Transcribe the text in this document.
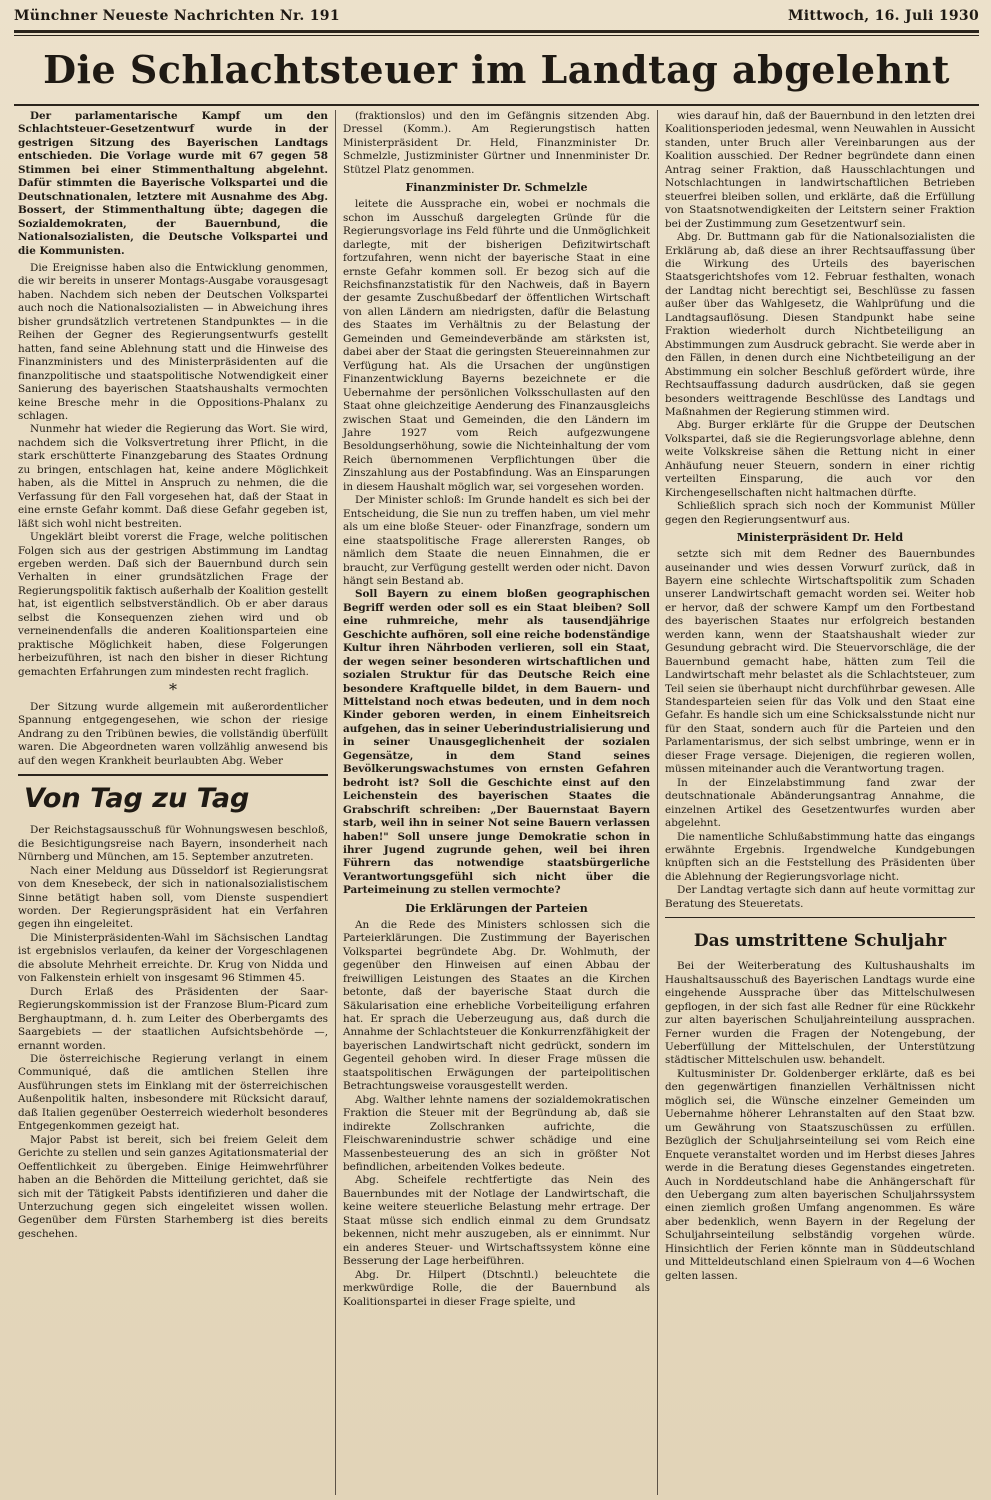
Münchner Neueste Nachrichten Nr. 191	Mittwoch, 16. Juli 1930
Die Schlachtsteuer im Landtag abgelehnt

Der parlamentarische Kampf um den Schlachtsteuer-Gesetzentwurf wurde in der gestrigen Sitzung des Bayerischen Landtags entschieden. Die Vorlage wurde mit 67 gegen 58 Stimmen bei einer Stimmenthaltung abgelehnt. Dafür stimmten die Bayerische Volkspartei und die Deutschnationalen, letztere mit Ausnahme des Abg. Bossert, der Stimmenthaltung übte; dagegen die Sozialdemokraten, der Bauernbund, die Nationalsozialisten, die Deutsche Volkspartei und die Kommunisten.

Die Ereignisse haben also die Entwicklung genommen, die wir bereits in unserer Montags-Ausgabe vorausgesagt haben. Nachdem sich neben der Deutschen Volkspartei auch noch die Nationalsozialisten — in Abweichung ihres bisher grundsätzlich vertretenen Standpunktes — in die Reihen der Gegner des Regierungsentwurfs gestellt hatten, fand seine Ablehnung statt und die Hinweise des Finanzministers und des Ministerpräsidenten auf die finanzpolitische und staatspolitische Notwendigkeit einer Sanierung des bayerischen Staatshaushalts vermochten keine Bresche mehr in die Oppositions-Phalanx zu schlagen.

Nunmehr hat wieder die Regierung das Wort. Sie wird, nachdem sich die Volksvertretung ihrer Pflicht, in die stark erschütterte Finanzgebarung des Staates Ordnung zu bringen, entschlagen hat, keine andere Möglichkeit haben, als die Mittel in Anspruch zu nehmen, die die Verfassung für den Fall vorgesehen hat, daß der Staat in eine ernste Gefahr kommt. Daß diese Gefahr gegeben ist, läßt sich wohl nicht bestreiten.

Ungeklärt bleibt vorerst die Frage, welche politischen Folgen sich aus der gestrigen Abstimmung im Landtag ergeben werden. Daß sich der Bauernbund durch sein Verhalten in einer grundsätzlichen Frage der Regierungspolitik faktisch außerhalb der Koalition gestellt hat, ist eigentlich selbstverständlich. Ob er aber daraus selbst die Konsequenzen ziehen wird und ob verneinendenfalls die anderen Koalitionsparteien eine praktische Möglichkeit haben, diese Folgerungen herbeizuführen, ist nach den bisher in dieser Richtung gemachten Erfahrungen zum mindesten recht fraglich.

*

Der Sitzung wurde allgemein mit außerordentlicher Spannung entgegengesehen, wie schon der riesige Andrang zu den Tribünen bewies, die vollständig überfüllt waren. Die Abgeordneten waren vollzählig anwesend bis auf den wegen Krankheit beurlaubten Abg. Weber

Von Tag zu Tag

Der Reichstagsausschuß für Wohnungswesen beschloß, die Besichtigungsreise nach Bayern, insonderheit nach Nürnberg und München, am 15. September anzutreten.

Nach einer Meldung aus Düsseldorf ist Regierungsrat von dem Knesebeck, der sich in nationalsozialistischem Sinne betätigt haben soll, vom Dienste suspendiert worden. Der Regierungspräsident hat ein Verfahren gegen ihn eingeleitet.

Die Ministerpräsidenten-Wahl im Sächsischen Landtag ist ergebnislos verlaufen, da keiner der Vorgeschlagenen die absolute Mehrheit erreichte. Dr. Krug von Nidda und von Falkenstein erhielt von insgesamt 96 Stimmen 45.

Durch Erlaß des Präsidenten der Saar-Regierungskommission ist der Franzose Blum-Picard zum Berghauptmann, d. h. zum Leiter des Oberbergamts des Saargebiets — der staatlichen Aufsichtsbehörde —, ernannt worden.

Die österreichische Regierung verlangt in einem Communiqué, daß die amtlichen Stellen ihre Ausführungen stets im Einklang mit der österreichischen Außenpolitik halten, insbesondere mit Rücksicht darauf, daß Italien gegenüber Oesterreich wiederholt besonderes Entgegenkommen gezeigt hat.

Major Pabst ist bereit, sich bei freiem Geleit dem Gerichte zu stellen und sein ganzes Agitationsmaterial der Oeffentlichkeit zu übergeben. Einige Heimwehrführer haben an die Behörden die Mitteilung gerichtet, daß sie sich mit der Tätigkeit Pabsts identifizieren und daher die Unterzuchung gegen sich eingeleitet wissen wollen. Gegenüber dem Fürsten Starhemberg ist dies bereits geschehen.

(fraktionslos) und den im Gefängnis sitzenden Abg. Dressel (Komm.). Am Regierungstisch hatten Ministerpräsident Dr. Held, Finanzminister Dr. Schmelzle, Justizminister Gürtner und Innenminister Dr. Stützel Platz genommen.

Finanzminister Dr. Schmelzle

leitete die Aussprache ein, wobei er nochmals die schon im Ausschuß dargelegten Gründe für die Regierungsvorlage ins Feld führte und die Unmöglichkeit darlegte, mit der bisherigen Defizitwirtschaft fortzufahren, wenn nicht der bayerische Staat in eine ernste Gefahr kommen soll. Er bezog sich auf die Reichsfinanzstatistik für den Nachweis, daß in Bayern der gesamte Zuschußbedarf der öffentlichen Wirtschaft von allen Ländern am niedrigsten, dafür die Belastung des Staates im Verhältnis zu der Belastung der Gemeinden und Gemeindeverbände am stärksten ist, dabei aber der Staat die geringsten Steuereinnahmen zur Verfügung hat. Als die Ursachen der ungünstigen Finanzentwicklung Bayerns bezeichnete er die Uebernahme der persönlichen Volksschullasten auf den Staat ohne gleichzeitige Aenderung des Finanzausgleichs zwischen Staat und Gemeinden, die den Ländern im Jahre 1927 vom Reich aufgezwungene Besoldungserhöhung, sowie die Nichteinhaltung der vom Reich übernommenen Verpflichtungen über die Zinszahlung aus der Postabfindung. Was an Einsparungen in diesem Haushalt möglich war, sei vorgesehen worden.

Der Minister schloß: Im Grunde handelt es sich bei der Entscheidung, die Sie nun zu treffen haben, um viel mehr als um eine bloße Steuer- oder Finanzfrage, sondern um eine staatspolitische Frage allerersten Ranges, ob nämlich dem Staate die neuen Einnahmen, die er braucht, zur Verfügung gestellt werden oder nicht. Davon hängt sein Bestand ab.

Soll Bayern zu einem bloßen geographischen Begriff werden oder soll es ein Staat bleiben? Soll eine ruhmreiche, mehr als tausendjährige Geschichte aufhören, soll eine reiche bodenständige Kultur ihren Nährboden verlieren, soll ein Staat, der wegen seiner besonderen wirtschaftlichen und sozialen Struktur für das Deutsche Reich eine besondere Kraftquelle bildet, in dem Bauern- und Mittelstand noch etwas bedeuten, und in dem noch Kinder geboren werden, in einem Einheitsreich aufgehen, das in seiner Ueberindustrialisierung und in seiner Unausgeglichenheit der sozialen Gegensätze, in dem Stand seines Bevölkerungswachstumes von ernsten Gefahren bedroht ist? Soll die Geschichte einst auf den Leichenstein des bayerischen Staates die Grabschrift schreiben: „Der Bauernstaat Bayern starb, weil ihn in seiner Not seine Bauern verlassen haben!" Soll unsere junge Demokratie schon in ihrer Jugend zugrunde gehen, weil bei ihren Führern das notwendige staatsbürgerliche Verantwortungsgefühl sich nicht über die Parteimeinung zu stellen vermochte?

Die Erklärungen der Parteien

An die Rede des Ministers schlossen sich die Parteierklärungen. Die Zustimmung der Bayerischen Volkspartei begründete Abg. Dr. Wohlmuth, der gegenüber den Hinweisen auf einen Abbau der freiwilligen Leistungen des Staates an die Kirchen betonte, daß der bayerische Staat durch die Säkularisation eine erhebliche Vorbeiteiligung erfahren hat. Er sprach die Ueberzeugung aus, daß durch die Annahme der Schlachtsteuer die Konkurrenzfähigkeit der bayerischen Landwirtschaft nicht gedrückt, sondern im Gegenteil gehoben wird. In dieser Frage müssen die staatspolitischen Erwägungen der parteipolitischen Betrachtungsweise vorausgestellt werden.

Abg. Walther lehnte namens der sozialdemokratischen Fraktion die Steuer mit der Begründung ab, daß sie indirekte Zollschranken aufrichte, die Fleischwarenindustrie schwer schädige und eine Massenbesteuerung des an sich in größter Not befindlichen, arbeitenden Volkes bedeute.

Abg. Scheifele rechtfertigte das Nein des Bauernbundes mit der Notlage der Landwirtschaft, die keine weitere steuerliche Belastung mehr ertrage. Der Staat müsse sich endlich einmal zu dem Grundsatz bekennen, nicht mehr auszugeben, als er einnimmt. Nur ein anderes Steuer- und Wirtschaftssystem könne eine Besserung der Lage herbeiführen.

Abg. Dr. Hilpert (Dtschntl.) beleuchtete die merkwürdige Rolle, die der Bauernbund als Koalitionspartei in dieser Frage spielte, und

wies darauf hin, daß der Bauernbund in den letzten drei Koalitionsperioden jedesmal, wenn Neuwahlen in Aussicht standen, unter Bruch aller Vereinbarungen aus der Koalition ausschied. Der Redner begründete dann einen Antrag seiner Fraktion, daß Hausschlachtungen und Notschlachtungen in landwirtschaftlichen Betrieben steuerfrei bleiben sollen, und erklärte, daß die Erfüllung von Staatsnotwendigkeiten der Leitstern seiner Fraktion bei der Zustimmung zum Gesetzentwurf sein.

Abg. Dr. Buttmann gab für die Nationalsozialisten die Erklärung ab, daß diese an ihrer Rechtsauffassung über die Wirkung des Urteils des bayerischen Staatsgerichtshofes vom 12. Februar festhalten, wonach der Landtag nicht berechtigt sei, Beschlüsse zu fassen außer über das Wahlgesetz, die Wahlprüfung und die Landtagsauflösung. Diesen Standpunkt habe seine Fraktion wiederholt durch Nichtbeteiligung an Abstimmungen zum Ausdruck gebracht. Sie werde aber in den Fällen, in denen durch eine Nichtbeteiligung an der Abstimmung ein solcher Beschluß gefördert würde, ihre Rechtsauffassung dadurch ausdrücken, daß sie gegen besonders weittragende Beschlüsse des Landtags und Maßnahmen der Regierung stimmen wird.

Abg. Burger erklärte für die Gruppe der Deutschen Volkspartei, daß sie die Regierungsvorlage ablehne, denn weite Volkskreise sähen die Rettung nicht in einer Anhäufung neuer Steuern, sondern in einer richtig verteilten Einsparung, die auch vor den Kirchengesellschaften nicht haltmachen dürfte.

Schließlich sprach sich noch der Kommunist Müller gegen den Regierungsentwurf aus.

Ministerpräsident Dr. Held

setzte sich mit dem Redner des Bauernbundes auseinander und wies dessen Vorwurf zurück, daß in Bayern eine schlechte Wirtschaftspolitik zum Schaden unserer Landwirtschaft gemacht worden sei. Weiter hob er hervor, daß der schwere Kampf um den Fortbestand des bayerischen Staates nur erfolgreich bestanden werden kann, wenn der Staatshaushalt wieder zur Gesundung gebracht wird. Die Steuervorschläge, die der Bauernbund gemacht habe, hätten zum Teil die Landwirtschaft mehr belastet als die Schlachtsteuer, zum Teil seien sie überhaupt nicht durchführbar gewesen. Alle Standesparteien seien für das Volk und den Staat eine Gefahr. Es handle sich um eine Schicksalsstunde nicht nur für den Staat, sondern auch für die Parteien und den Parlamentarismus, der sich selbst umbringe, wenn er in dieser Frage versage. Diejenigen, die regieren wollen, müssen miteinander auch die Verantwortung tragen.

In der Einzelabstimmung fand zwar der deutschnationale Abänderungsantrag Annahme, die einzelnen Artikel des Gesetzentwurfes wurden aber abgelehnt.

Die namentliche Schlußabstimmung hatte das eingangs erwähnte Ergebnis. Irgendwelche Kundgebungen knüpften sich an die Feststellung des Präsidenten über die Ablehnung der Regierungsvorlage nicht.

Der Landtag vertagte sich dann auf heute vormittag zur Beratung des Steueretats.

Das umstrittene Schuljahr

Bei der Weiterberatung des Kultushaushalts im Haushaltsausschuß des Bayerischen Landtags wurde eine eingehende Aussprache über das Mittelschulwesen gepflogen, in der sich fast alle Redner für eine Rückkehr zur alten bayerischen Schuljahreinteilung aussprachen. Ferner wurden die Fragen der Notengebung, der Ueberfüllung der Mittelschulen, der Unterstützung städtischer Mittelschulen usw. behandelt.

Kultusminister Dr. Goldenberger erklärte, daß es bei den gegenwärtigen finanziellen Verhältnissen nicht möglich sei, die Wünsche einzelner Gemeinden um Uebernahme höherer Lehranstalten auf den Staat bzw. um Gewährung von Staatszuschüssen zu erfüllen. Bezüglich der Schuljahrseinteilung sei vom Reich eine Enquete veranstaltet worden und im Herbst dieses Jahres werde in die Beratung dieses Gegenstandes eingetreten. Auch in Norddeutschland habe die Anhängerschaft für den Uebergang zum alten bayerischen Schuljahrssystem einen ziemlich großen Umfang angenommen. Es wäre aber bedenklich, wenn Bayern in der Regelung der Schuljahrseinteilung selbständig vorgehen würde. Hinsichtlich der Ferien könnte man in Süddeutschland und Mitteldeutschland einen Spielraum von 4—6 Wochen gelten lassen.
